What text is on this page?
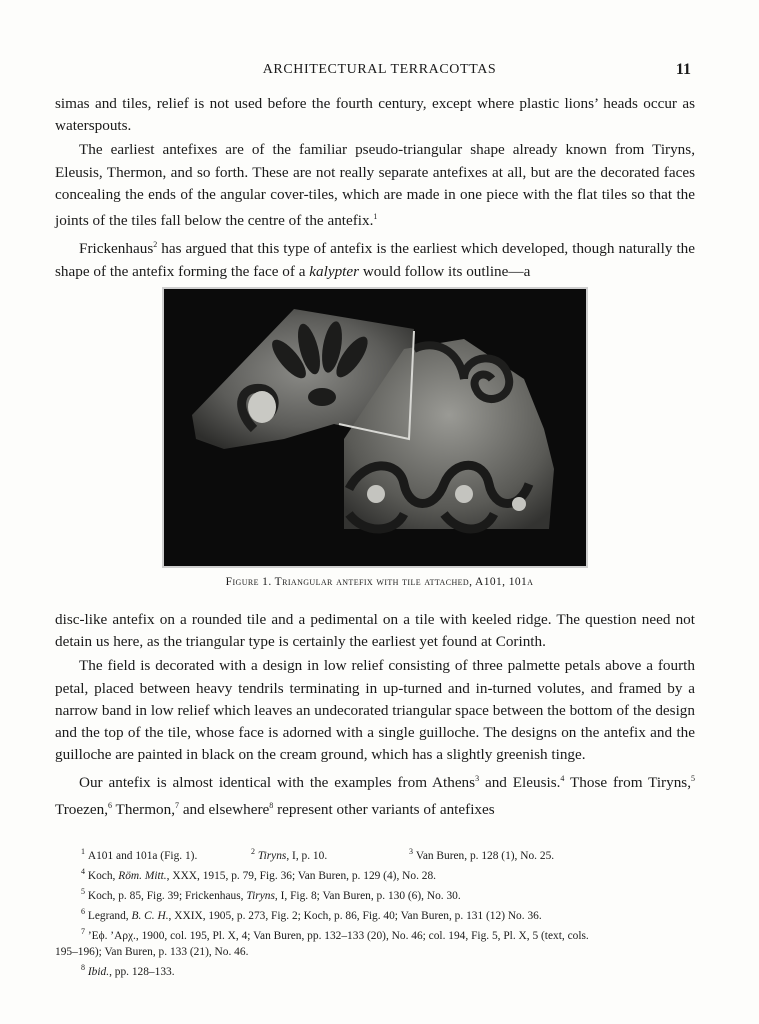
ARCHITECTURAL TERRACOTTAS	11

simas and tiles, relief is not used before the fourth century, except where plastic lions’ heads occur as waterspouts.

The earliest antefixes are of the familiar pseudo-triangular shape already known from Tiryns, Eleusis, Thermon, and so forth. These are not really separate antefixes at all, but are the decorated faces concealing the ends of the angular cover-tiles, which are made in one piece with the flat tiles so that the joints of the tiles fall below the centre of the antefix.$^1$

Frickenhaus$^2$ has argued that this type of antefix is the earliest which developed, though naturally the shape of the antefix forming the face of a kalypter would follow its outline—a

Figure 1. Triangular antefix with tile attached, A101, 101a

disc-like antefix on a rounded tile and a pedimental on a tile with keeled ridge. The question need not detain us here, as the triangular type is certainly the earliest yet found at Corinth.

The field is decorated with a design in low relief consisting of three palmette petals above a fourth petal, placed between heavy tendrils terminating in up-turned and in-turned volutes, and framed by a narrow band in low relief which leaves an undecorated triangular space between the bottom of the design and the top of the tile, whose face is adorned with a single guilloche. The designs on the antefix and the guilloche are painted in black on the cream ground, which has a slightly greenish tinge.

Our antefix is almost identical with the examples from Athens$^3$ and Eleusis.$^4$ Those from Tiryns,$^5$ Troezen,$^6$ Thermon,$^7$ and elsewhere$^8$ represent other variants of antefixes

$^1$ A101 and 101a (Fig. 1).	$^2$ Tiryns, I, p. 10.	$^3$ Van Buren, p. 128 (1), No. 25.
$^4$ Koch, Röm. Mitt., XXX, 1915, p. 79, Fig. 36; Van Buren, p. 129 (4), No. 28.
$^5$ Koch, p. 85, Fig. 39; Frickenhaus, Tiryns, I, Fig. 8; Van Buren, p. 130 (6), No. 30.
$^6$ Legrand, B. C. H., XXIX, 1905, p. 273, Fig. 2; Koch, p. 86, Fig. 40; Van Buren, p. 131 (12) No. 36.
$^7$ ’Eϕ. ’Aρχ., 1900, col. 195, Pl. X, 4; Van Buren, pp. 132–133 (20), No. 46; col. 194, Fig. 5, Pl. X, 5 (text, cols.
195–196); Van Buren, p. 133 (21), No. 46.
$^8$ Ibid., pp. 128–133.
